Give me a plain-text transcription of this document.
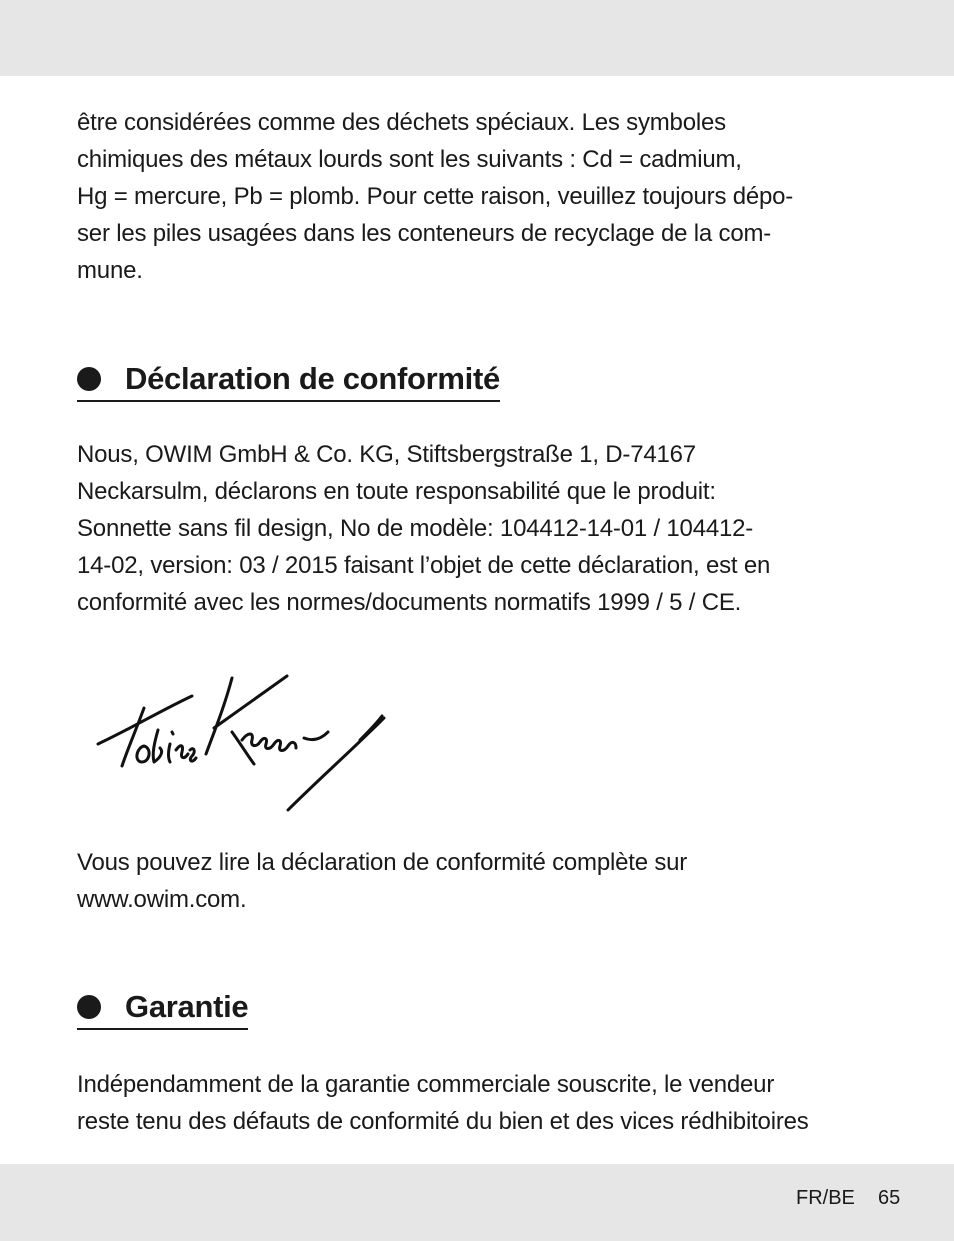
être considérées comme des déchets spéciaux. Les symboles
chimiques des métaux lourds sont les suivants : Cd = cadmium,
Hg = mercure, Pb = plomb. Pour cette raison, veuillez toujours dépo-
ser les piles usagées dans les conteneurs de recyclage de la com-
mune.

Déclaration de conformité

Nous, OWIM GmbH & Co. KG, Stiftsbergstraße 1, D-74167
Neckarsulm, déclarons en toute responsabilité que le produit:
Sonnette sans fil design, No de modèle: 104412-14-01 / 104412-
14-02, version: 03 / 2015 faisant l’objet de cette déclaration, est en
conformité avec les normes/documents normatifs 1999 / 5 / CE.

Vous pouvez lire la déclaration de conformité complète sur
www.owim.com.

Garantie

Indépendamment de la garantie commerciale souscrite, le vendeur
reste tenu des défauts de conformité du bien et des vices rédhibitoires

FR/BE 65
